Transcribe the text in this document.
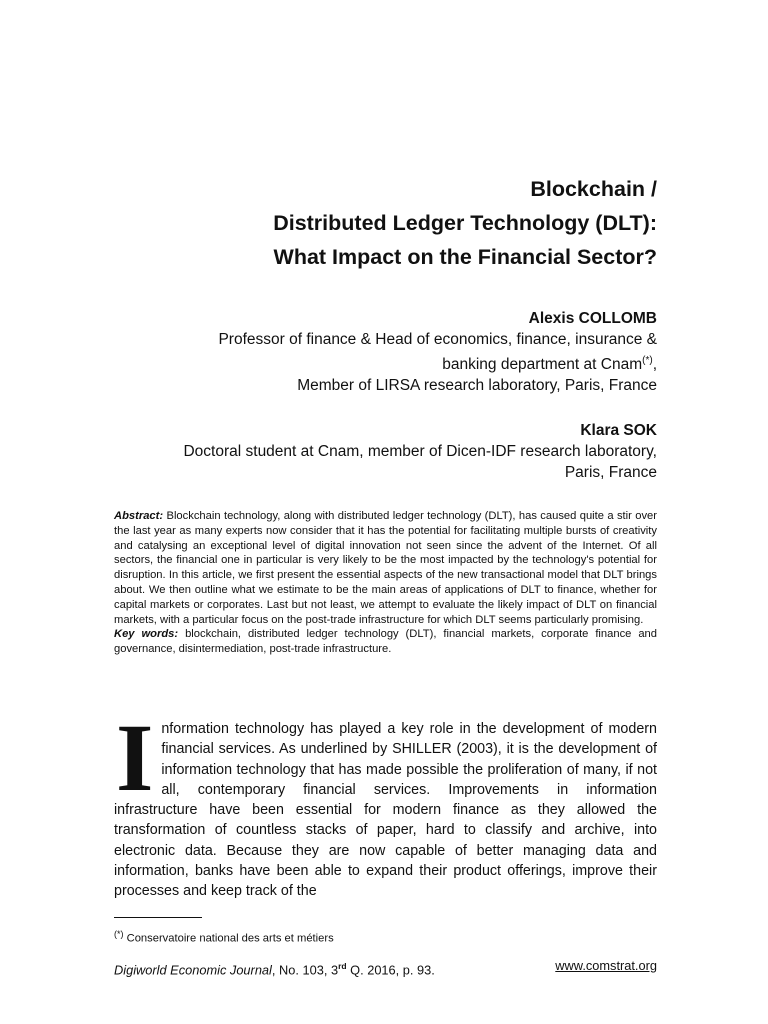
Blockchain /
Distributed Ledger Technology (DLT):
What Impact on the Financial Sector?
Alexis COLLOMB
Professor of finance & Head of economics, finance, insurance &
banking department at Cnam(*),
Member of LIRSA research laboratory, Paris, France
Klara SOK
Doctoral student at Cnam, member of Dicen-IDF research laboratory,
Paris, France

Abstract: Blockchain technology, along with distributed ledger technology (DLT), has caused quite a stir over the last year as many experts now consider that it has the potential for facilitating multiple bursts of creativity and catalysing an exceptional level of digital innovation not seen since the advent of the Internet. Of all sectors, the financial one in particular is very likely to be the most impacted by the technology's potential for disruption. In this article, we first present the essential aspects of the new transactional model that DLT brings about. We then outline what we estimate to be the main areas of applications of DLT to finance, whether for capital markets or corporates. Last but not least, we attempt to evaluate the likely impact of DLT on financial markets, with a particular focus on the post-trade infrastructure for which DLT seems particularly promising.

Key words: blockchain, distributed ledger technology (DLT), financial markets, corporate finance and governance, disintermediation, post-trade infrastructure.

Information technology has played a key role in the development of modern financial services. As underlined by SHILLER (2003), it is the development of information technology that has made possible the proliferation of many, if not all, contemporary financial services. Improvements in information infrastructure have been essential for modern finance as they allowed the transformation of countless stacks of paper, hard to classify and archive, into electronic data. Because they are now capable of better managing data and information, banks have been able to expand their product offerings, improve their processes and keep track of the

(*) Conservatoire national des arts et métiers
Digiworld Economic Journal, No. 103, 3rd Q. 2016, p. 93.	www.comstrat.org
